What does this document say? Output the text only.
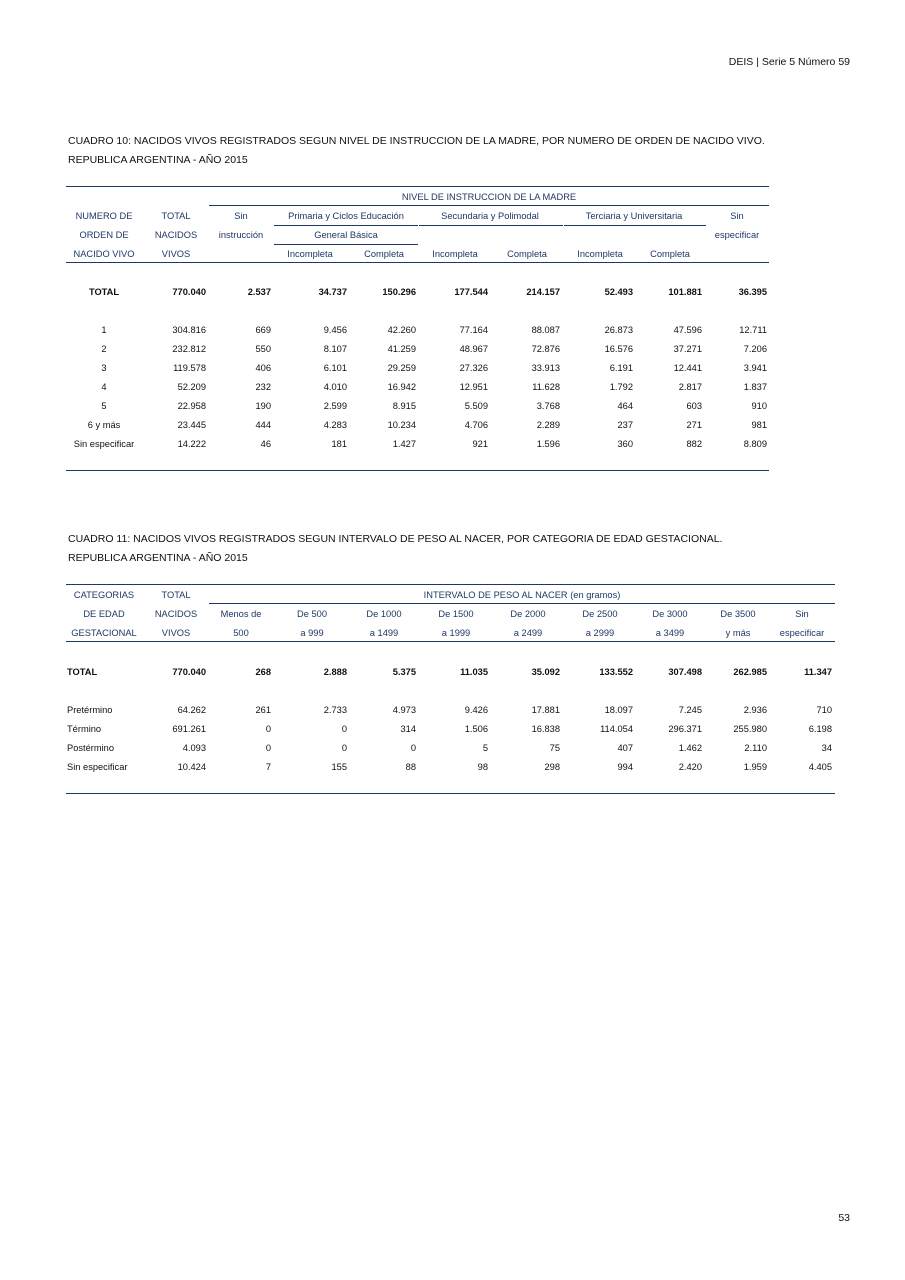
DEIS | Serie 5 Número 59
CUADRO 10: NACIDOS VIVOS REGISTRADOS SEGUN NIVEL DE INSTRUCCION DE LA MADRE, POR NUMERO DE ORDEN DE NACIDO VIVO.
REPUBLICA ARGENTINA - AÑO 2015
NIVEL DE INSTRUCCION DE LA MADRE
NUMERO DE
ORDEN DE
NACIDO VIVO
TOTAL
NACIDOS
VIVOS
Sin
instrucción
Primaria y Ciclos Educación
General Básica
Incompleta	Completa
Secundaria y Polimodal
Incompleta	Completa
Terciaria y Universitaria
Incompleta	Completa
Sin
especificar
TOTAL	770.040	2.537	34.737	150.296	177.544	214.157	52.493	101.881	36.395
1	304.816	669	9.456	42.260	77.164	88.087	26.873	47.596	12.711
2	232.812	550	8.107	41.259	48.967	72.876	16.576	37.271	7.206
3	119.578	406	6.101	29.259	27.326	33.913	6.191	12.441	3.941
4	52.209	232	4.010	16.942	12.951	11.628	1.792	2.817	1.837
5	22.958	190	2.599	8.915	5.509	3.768	464	603	910
6 y más	23.445	444	4.283	10.234	4.706	2.289	237	271	981
Sin especificar	14.222	46	181	1.427	921	1.596	360	882	8.809
CUADRO 11: NACIDOS VIVOS REGISTRADOS SEGUN INTERVALO DE PESO AL NACER, POR CATEGORIA DE EDAD GESTACIONAL.
REPUBLICA ARGENTINA - AÑO 2015
INTERVALO DE PESO AL NACER (en gramos)
CATEGORIAS
DE EDAD
GESTACIONAL
TOTAL
NACIDOS
VIVOS
Menos de
500
De 500
a 999
De 1000
a 1499
De 1500
a 1999
De 2000
a 2499
De 2500
a 2999
De 3000
a 3499
De 3500
y más
Sin
especificar
TOTAL	770.040	268	2.888	5.375	11.035	35.092	133.552	307.498	262.985	11.347
Pretérmino	64.262	261	2.733	4.973	9.426	17.881	18.097	7.245	2.936	710
Término	691.261	0	0	314	1.506	16.838	114.054	296.371	255.980	6.198
Postérmino	4.093	0	0	0	5	75	407	1.462	2.110	34
Sin especificar	10.424	7	155	88	98	298	994	2.420	1.959	4.405
53
